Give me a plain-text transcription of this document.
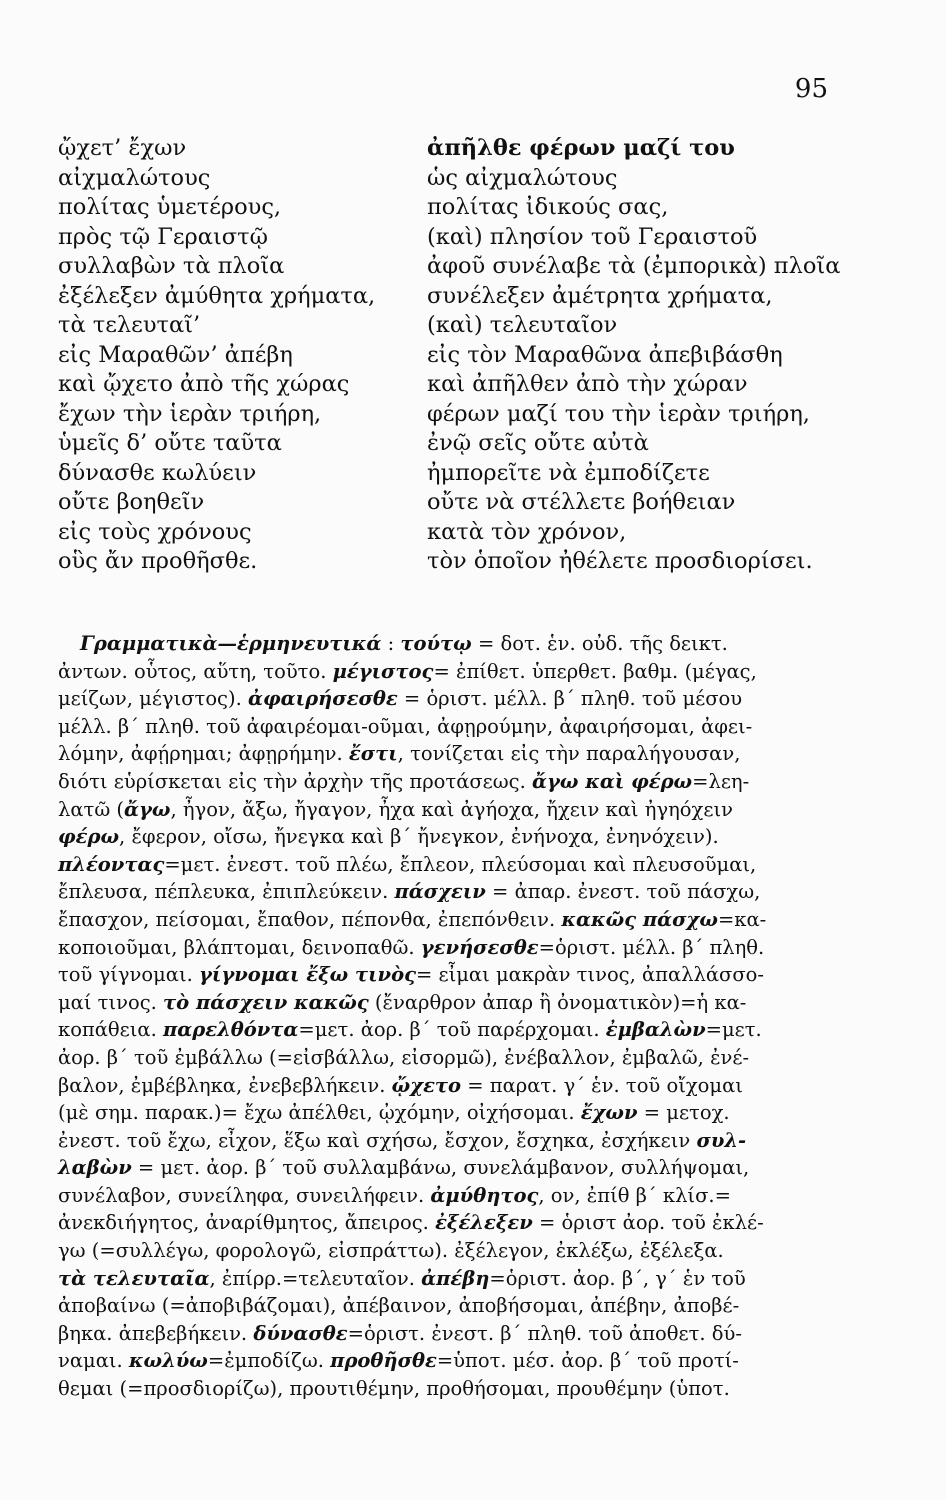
95
ᾤχετ’ ἔχων
αἰχμαλώτους
πολίτας ὑμετέρους,
πρὸς τῷ Γεραιστῷ
συλλαβὼν τὰ πλοῖα
ἐξέλεξεν ἀμύθητα χρήματα,
τὰ τελευταῖ’
εἰς Μαραθῶν’ ἀπέβη
καὶ ᾤχετο ἀπὸ τῆς χώρας
ἔχων τὴν ἱερὰν τριήρη,
ὑμεῖς δ’ οὔτε ταῦτα
δύνασθε κωλύειν
οὔτε βοηθεῖν
εἰς τοὺς χρόνους
οὓς ἄν προθῆσθε.
ἀπῆλθε φέρων μαζί του
ὡς αἰχμαλώτους
πολίτας ἰδικούς σας,
(καὶ) πλησίον τοῦ Γεραιστοῦ
ἀφοῦ συνέλαβε τὰ (ἐμπορικὰ) πλοῖα
συνέλεξεν ἀμέτρητα χρήματα,
(καὶ) τελευταῖον
εἰς τὸν Μαραθῶνα ἀπεβιβάσθη
καὶ ἀπῆλθεν ἀπὸ τὴν χώραν
φέρων μαζί του τὴν ἱερὰν τριήρη,
ἐνῷ σεῖς οὔτε αὐτὰ
ἠμπορεῖτε νὰ ἐμποδίζετε
οὔτε νὰ στέλλετε βοήθειαν
κατὰ τὸν χρόνον,
τὸν ὁποῖον ἠθέλετε προσδιορίσει.
Γραμματικὰ—ἑρμηνευτικά : τούτῳ = δοτ. ἑν. οὐδ. τῆς δεικτ.
ἀντων. οὗτος, αὕτη, τοῦτο. μέγιστος= ἐπίθετ. ὑπερθετ. βαθμ. (μέγας,
μείζων, μέγιστος). ἀφαιρήσεσθε = ὁριστ. μέλλ. β΄ πληθ. τοῦ μέσου
μέλλ. β΄ πληθ. τοῦ ἀφαιρέομαι-οῦμαι, ἀφῃρούμην, ἀφαιρήσομαι, ἀφει-
λόμην, ἀφῄρημαι; ἀφῃρήμην. ἔστι, τονίζεται εἰς τὴν παραλήγουσαν,
διότι εὑρίσκεται εἰς τὴν ἀρχὴν τῆς προτάσεως. ἄγω καὶ φέρω=λεη-
λατῶ (ἄγω, ἦγον, ἄξω, ἤγαγον, ἦχα καὶ ἀγήοχα, ἤχειν καὶ ἠγηόχειν
φέρω, ἔφερον, οἴσω, ἤνεγκα καὶ β΄ ἤνεγκον, ἐνήνοχα, ἐνηνόχειν).
πλέοντας=μετ. ἐνεστ. τοῦ πλέω, ἔπλεον, πλεύσομαι καὶ πλευσοῦμαι,
ἔπλευσα, πέπλευκα, ἐπιπλεύκειν. πάσχειν = ἀπαρ. ἐνεστ. τοῦ πάσχω,
ἔπασχον, πείσομαι, ἔπαθον, πέπονθα, ἐπεπόνθειν. κακῶς πάσχω=κα-
κοποιοῦμαι, βλάπτομαι, δεινοπαθῶ. γενήσεσθε=ὁριστ. μέλλ. β΄ πληθ.
τοῦ γίγνομαι. γίγνομαι ἔξω τινὸς= εἶμαι μακρὰν τινος, ἀπαλλάσσο-
μαί τινος. τὸ πάσχειν κακῶς (ἔναρθρον ἀπαρ ἢ ὀνοματικὸν)=ἡ κα-
κοπάθεια. παρελθόντα=μετ. ἀορ. β΄ τοῦ παρέρχομαι. ἐμβαλὼν=μετ.
ἀορ. β΄ τοῦ ἐμβάλλω (=εἰσβάλλω, εἰσορμῶ), ἐνέβαλλον, ἐμβαλῶ, ἐνέ-
βαλον, ἐμβέβληκα, ἐνεβεβλήκειν. ᾤχετο = παρατ. γ΄ ἑν. τοῦ οἴχομαι
(μὲ σημ. παρακ.)= ἔχω ἀπέλθει, ᾠχόμην, οἰχήσομαι. ἔχων = μετοχ.
ἐνεστ. τοῦ ἔχω, εἶχον, ἕξω καὶ σχήσω, ἔσχον, ἔσχηκα, ἐσχήκειν συλ-
λαβὼν = μετ. ἀορ. β΄ τοῦ συλλαμβάνω, συνελάμβανον, συλλήψομαι,
συνέλαβον, συνείληφα, συνειλήφειν. ἀμύθητος, ον, ἐπίθ β΄ κλίσ.=
ἀνεκδιήγητος, ἀναρίθμητος, ἄπειρος. ἐξέλεξεν = ὁριστ ἀορ. τοῦ ἐκλέ-
γω (=συλλέγω, φορολογῶ, εἰσπράττω). ἐξέλεγον, ἐκλέξω, ἐξέλεξα.
τὰ τελευταῖα, ἐπίρρ.=τελευταῖον. ἀπέβη=ὁριστ. ἀορ. β΄, γ΄ ἑν τοῦ
ἀποβαίνω (=ἀποβιβάζομαι), ἀπέβαινον, ἀποβήσομαι, ἀπέβην, ἀποβέ-
βηκα. ἀπεβεβήκειν. δύνασθε=ὁριστ. ἐνεστ. β΄ πληθ. τοῦ ἀποθετ. δύ-
ναμαι. κωλύω=ἐμποδίζω. προθῆσθε=ὑποτ. μέσ. ἀορ. β΄ τοῦ προτί-
θεμαι (=προσδιορίζω), προυτιθέμην, προθήσομαι, προυθέμην (ὑποτ.
